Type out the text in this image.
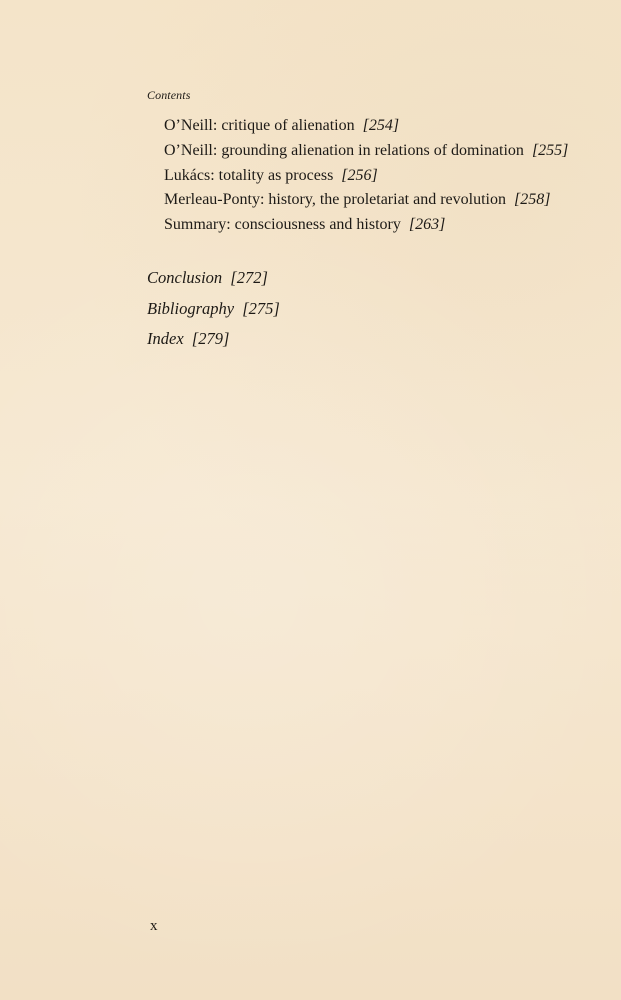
Contents
O’Neill: critique of alienation [254]
O’Neill: grounding alienation in relations of domination [255]
Lukács: totality as process [256]
Merleau-Ponty: history, the proletariat and revolution [258]
Summary: consciousness and history [263]
Conclusion [272]
Bibliography [275]
Index [279]
x
